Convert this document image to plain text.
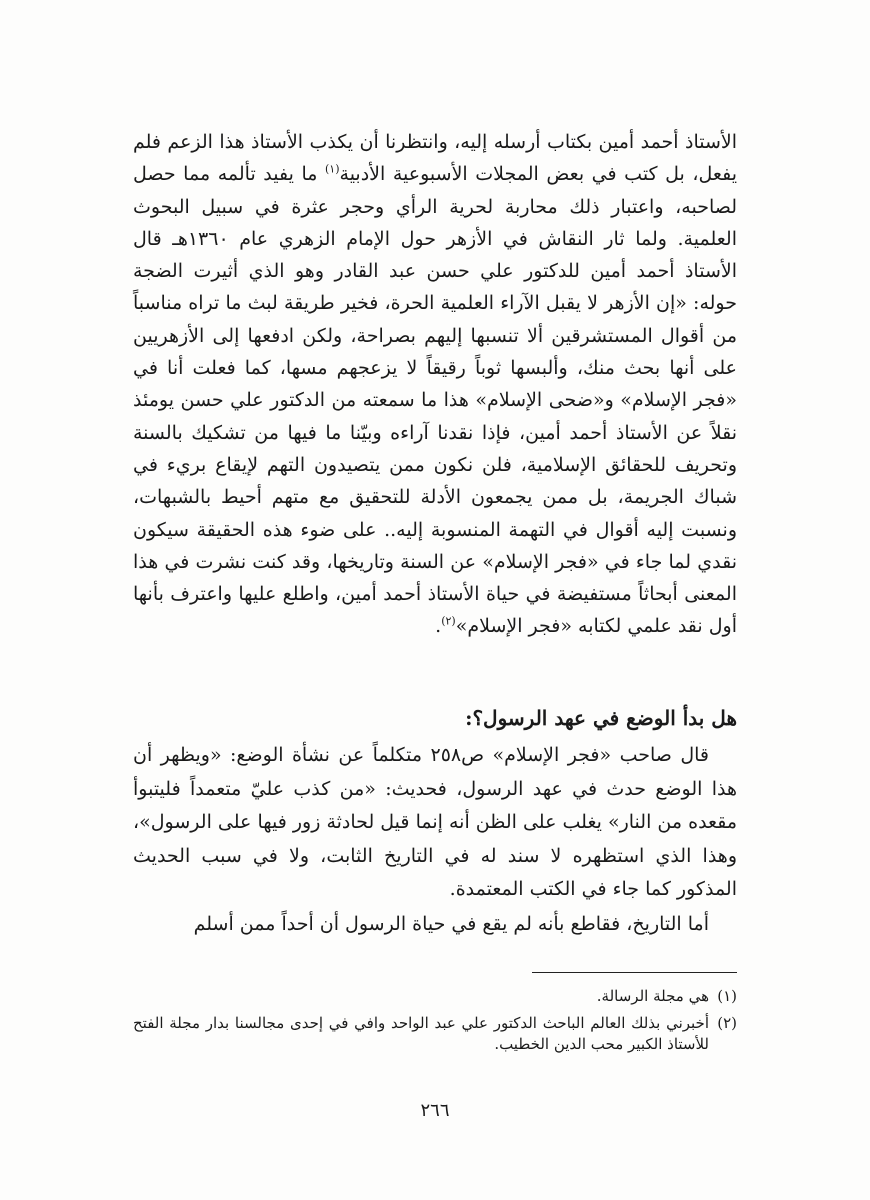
الأستاذ أحمد أمين بكتاب أرسله إليه، وانتظرنا أن يكذب الأستاذ هذا الزعم فلم يفعل، بل كتب في بعض المجلات الأسبوعية الأدبية$^{(١)}$ ما يفيد تألمه مما حصل لصاحبه، واعتبار ذلك محاربة لحرية الرأي وحجر عثرة في سبيل البحوث العلمية. ولما ثار النقاش في الأزهر حول الإمام الزهري عام ١٣٦٠هـ قال الأستاذ أحمد أمين للدكتور علي حسن عبد القادر وهو الذي أثيرت الضجة حوله: «إن الأزهر لا يقبل الآراء العلمية الحرة، فخير طريقة لبث ما تراه مناسباً من أقوال المستشرقين ألا تنسبها إليهم بصراحة، ولكن ادفعها إلى الأزهريين على أنها بحث منك، وألبسها ثوباً رقيقاً لا يزعجهم مسها، كما فعلت أنا في «فجر الإسلام» و«ضحى الإسلام» هذا ما سمعته من الدكتور علي حسن يومئذ نقلاً عن الأستاذ أحمد أمين، فإذا نقدنا آراءه وبيّنا ما فيها من تشكيك بالسنة وتحريف للحقائق الإسلامية، فلن نكون ممن يتصيدون التهم لإيقاع بريء في شباك الجريمة، بل ممن يجمعون الأدلة للتحقيق مع متهم أحيط بالشبهات، ونسبت إليه أقوال في التهمة المنسوبة إليه.. على ضوء هذه الحقيقة سيكون نقدي لما جاء في «فجر الإسلام» عن السنة وتاريخها، وقد كنت نشرت في هذا المعنى أبحاثاً مستفيضة في حياة الأستاذ أحمد أمين، واطلع عليها واعترف بأنها أول نقد علمي لكتابه «فجر الإسلام»$^{(٢)}$.

هل بدأ الوضع في عهد الرسول؟:

قال صاحب «فجر الإسلام» ص٢٥٨ متكلماً عن نشأة الوضع: «ويظهر أن هذا الوضع حدث في عهد الرسول، فحديث: «من كذب عليّ متعمداً فليتبوأ مقعده من النار» يغلب على الظن أنه إنما قيل لحادثة زور فيها على الرسول»، وهذا الذي استظهره لا سند له في التاريخ الثابت، ولا في سبب الحديث المذكور كما جاء في الكتب المعتمدة.

أما التاريخ، فقاطع بأنه لم يقع في حياة الرسول أن أحداً ممن أسلم

(١)
هي مجلة الرسالة.
(٢)
أخبرني بذلك العالم الباحث الدكتور علي عبد الواحد وافي في إحدى مجالسنا بدار مجلة الفتح للأستاذ الكبير محب الدين الخطيب.
٢٦٦
